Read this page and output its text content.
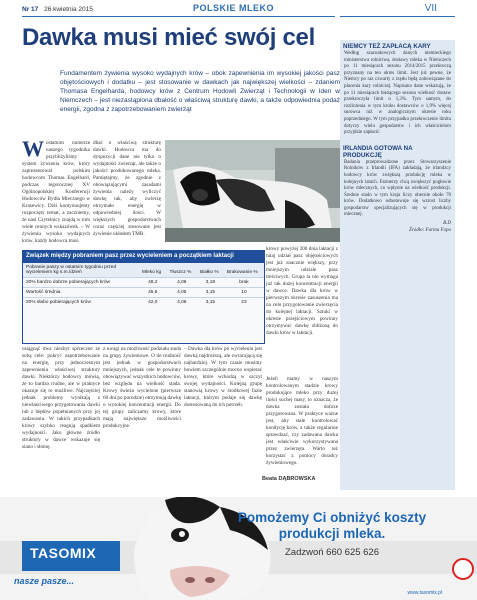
Nr 17 26 kwietnia 2015	POLSKIE MLEKO	VII
Dawka musi mieć swój cel
Fundamentem żywienia wysoko wydajnych krów – obok zapewnienia im wysokiej jakości pasz objętościowych i dodatku – jest stosowanie w dawkach jak największej wielkości – zdaniem Thomasa Engelharda, hodowcy krów z Centrum Hodowli Zwierząt i Technologii w Iden w Niemczech – jest niezastąpiona dbałość o właściwą strukturę dawki, a także odpowiednia podaż energii, zgodna z zapotrzebowaniem zwierząt
W ostatnim numerze naszego tygodnika przybliżyliśmy system żywienia krów, który zaprezentował polskim hodowcom Thomas Engelhard, podczas tegorocznej XV Ogólnopolskiej Konferencji Hodowców Bydła Mlecznego w Krasewicy. Dziś kontynuujemy rozpoczęty temat, a zaczniemy, że nasi Czytelnicy znajdą w nim wiele cennych wskazówek. – W żywieniu wysoko wydajnych krów, każdy hodowca musi
dbać o właściwą strukturę dawki. Hodowca ma do dyspozycji dane nie tylko o wydajności zwierząt, ale także o jakości produkowanego mleka. Pamiętajmy, że zgodnie z obowiązującymi zasadami żywienia należy wyliczyć dawkę tak, aby zwierzę otrzymało energię w odpowiedniej ilości. W większych gospodarstwach coraz częściej stosowane jest żywienie układem TMR.
Związek między pobraniem pasz przez wycieleniem a początkiem laktacji
Pobranie paszy w ostatnim tygodniu przed wycieleniem kg s.m./dzień	Mleko kg	Tłuszcz %	Białko %	Brakowanie %
20% bardzo dobrze pobierających krów	48,2	4,06	3,18	brak
Wartość średnia	45,6	4,05	3,15	10
20% słabo pobierających krów	42,0	4,06	3,15	23
krowy powyżej 200 dnia laktacji z tutaj udział pasz objętościowych jest już znacznie większy, przy mniejszym udziale pasz treściwych. Grupa ta nie wymaga już tak dużej koncentracji energii w dawce. Dawka dla krów w pierwszym okresie zasuszenia ma na celu przygotowanie zwierzęcia do kolejnej laktacji. Sztuki w okresie przejściowym powinny otrzymywać dawkę zbliżoną do dawki krów w laktacji.
osiągnąć dwa niezbyt sprzeczne ze sobą cele: pokryć zapotrzebowanie na energię, przy jednoczesnym zapewnieniu właściwej struktury dawki. Niektórzy hodowcy mówią, że to bardzo trudne, ale w praktyce okazuje się to możliwe. Najczęściej jednak problemy wynikają z niewłaściwego przygotowania dawki lub z błędów popełnianych przy jej zadawaniu. W takich przypadkach krowy szybko reagują spadkiem wydajności. Jako główne źródło struktury w dawce wskazuje się siano i słomę.
z uwagi na możliwość podziału stada na grupy żywieniowe. O ile trudność jest jednak w gospodarstwach mniejszych, jednak cele te powinny obowiązywać wszystkich hodowców, bez względu na wielkość stada. Krowy świeżo wycielone (pierwsze 60 dni po porodzie) otrzymują dawkę o wysokiej koncentracji energii. Do tej grupy zaliczamy krowy, które mają największe możliwości produkcyjne.
– Dawka dla krów po wycieleniu jest dawką najdroższą, ale zwracającą się najbardziej. W tym czasie musimy bowiem szczególnie mocno wspierać krowy, które wchodzą w szczyt swojej wydajności. Kolejną grupę stanowią krowy w środkowej fazie laktacji, którym podaje się dawkę dostosowaną do ich potrzeb.
Jeżeli mamy w naszym kontrolowanym stadzie krowy produkujące mleko przy dużej ilości suchej masy, to oznacza, że dawka została dobrze przygotowana. W praktyce ważne jest, aby stale kontrolować kondycję krów, a także regularnie sprawdzać, czy zadawana dawka jest właściwie wykorzystywana przez zwierzęta. Warto też korzystać z pomocy doradcy żywieniowego.
Beata DĄBROWSKA
NIEMCY TEŻ ZAPŁACĄ KARY
Według szacunkowych danych niemieckiego ministerstwa rolnictwa, dostawy mleka w Niemczech po 11 miesiącach sezonu 2014/2015 przekroczą przyznany na ten okres limit. Jest już pewne, że Niemcy po raz czwarty z rzędu będą zobowiązane do płacenia kary rolniczej. Napisano dane wskazują, że po 11 miesiącach bieżącego sezonu wielkość dostaw przekroczyła limit o 1,3%. Tym samym, do rozliczenia w tym kroku dostawców o 1,9% więcej surowca niż w analogicznym okresie roku poprzedniego. W tym przypadku przekroczenie limitu dotyczy wielu gospodarstw i ich właścicielom przyjdzie zapłacić.
IRLANDIA GOTOWA NA PRODUKCJĘ
Badania przeprowadzone przez Stowarzyszenie Rolników z Irlandii (IFA) zakładają, że irlandzcy hodowcy krów zwiększą produkcję mleka w kolejnych latach. Farmerzy chcą zwiększyć pogłowie krów mlecznych, co wpłynie na wielkość produkcji. Średnie stado w tym kraju liczy obecnie około 70 krów. Dodatkowo odnotowuje się wzrost liczby gospodarstw specjalizujących się w produkcji mlecznej.
B.D
Źródło: Farma Fopo
TASOMIX
nasze pasze...
Pomożemy Ci obniżyć koszty produkcji mleka.
Zadzwoń 660 625 626
www.tasomix.pl
